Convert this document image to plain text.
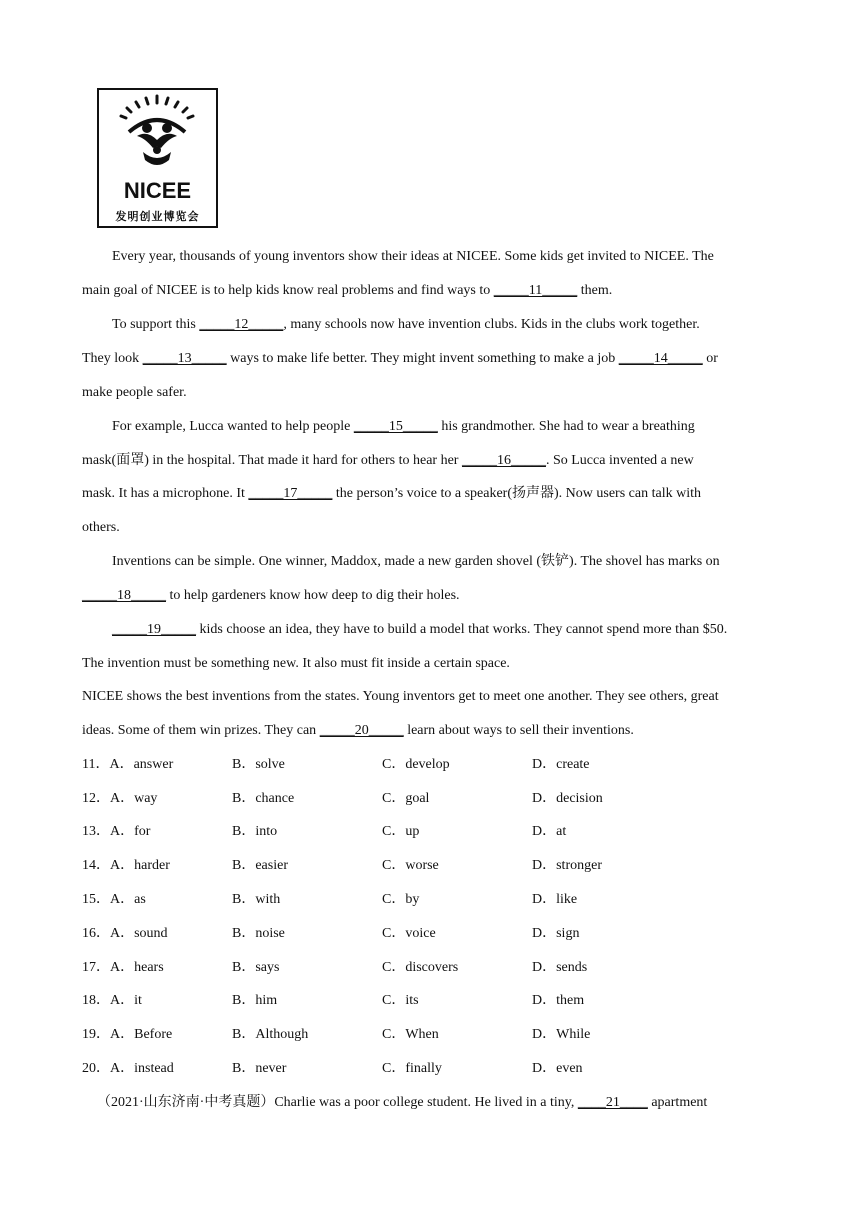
NICEE
发明创业博览会
Every year, thousands of young inventors show their ideas at NICEE. Some kids get invited to NICEE. The
main goal of NICEE is to help kids know real problems and find ways to _____11_____ them.
To support this _____12_____, many schools now have invention clubs. Kids in the clubs work together.
They look _____13_____ ways to make life better. They might invent something to make a job _____14_____ or
make people safer.
For example, Lucca wanted to help people _____15_____ his grandmother. She had to wear a breathing
mask(面罩) in the hospital. That made it hard for others to hear her _____16_____. So Lucca invented a new
mask. It has a microphone. It _____17_____ the person’s voice to a speaker(扬声器). Now users can talk with
others.
Inventions can be simple. One winner, Maddox, made a new garden shovel (铁铲). The shovel has marks on
_____18_____ to help gardeners know how deep to dig their holes.
_____19_____ kids choose an idea, they have to build a model that works. They cannot spend more than $50.
The invention must be something new. It also must fit inside a certain space.
NICEE shows the best inventions from the states. Young inventors get to meet one another. They see others, great
ideas. Some of them win prizes. They can _____20_____ learn about ways to sell their inventions.
11．A．answer	B．solve	C．develop	D．create
12．A．way	B．chance	C．goal	D．decision
13．A．for	B．into	C．up	D．at
14．A．harder	B．easier	C．worse	D．stronger
15．A．as	B．with	C．by	D．like
16．A．sound	B．noise	C．voice	D．sign
17．A．hears	B．says	C．discovers	D．sends
18．A．it	B．him	C．its	D．them
19．A．Before	B．Although	C．When	D．While
20．A．instead	B．never	C．finally	D．even
（2021·山东济南·中考真题）Charlie was a poor college student. He lived in a tiny, ____21____ apartment
